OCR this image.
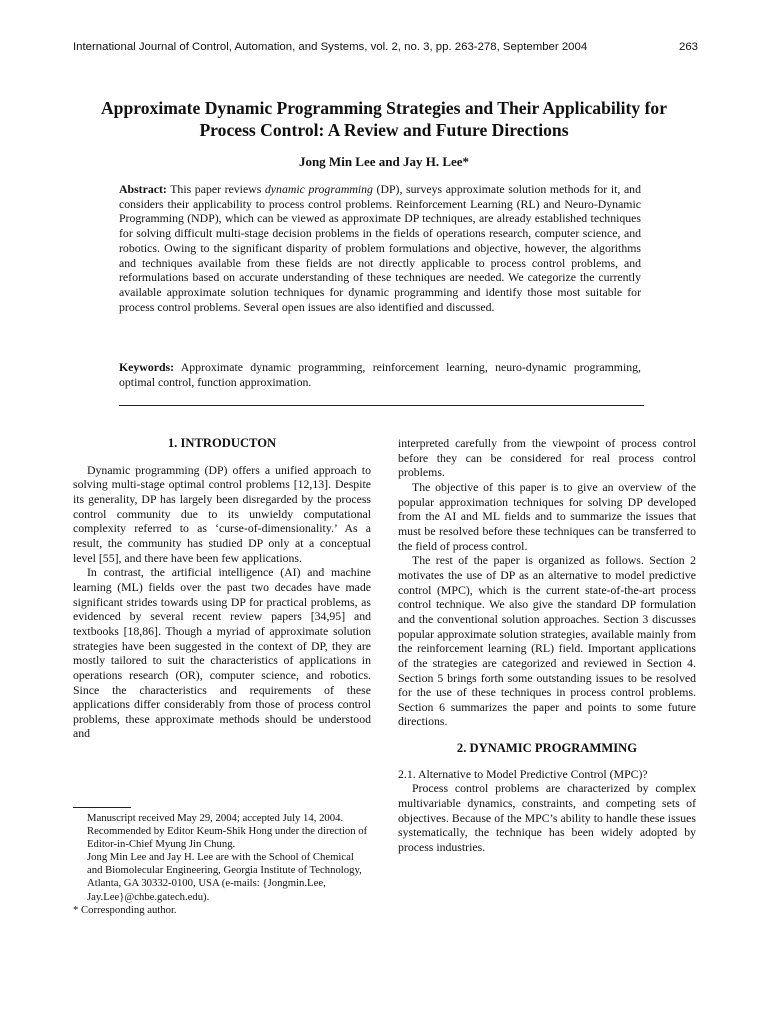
International Journal of Control, Automation, and Systems, vol. 2, no. 3, pp. 263-278, September 2004	263
Approximate Dynamic Programming Strategies and Their Applicability for
Process Control: A Review and Future Directions
Jong Min Lee and Jay H. Lee*
Abstract: This paper reviews dynamic programming (DP), surveys approximate solution methods for it, and considers their applicability to process control problems. Reinforcement Learning (RL) and Neuro-Dynamic Programming (NDP), which can be viewed as approximate DP techniques, are already established techniques for solving difficult multi-stage decision problems in the fields of operations research, computer science, and robotics. Owing to the significant disparity of problem formulations and objective, however, the algorithms and techniques available from these fields are not directly applicable to process control problems, and reformulations based on accurate understanding of these techniques are needed. We categorize the currently available approximate solution techniques for dynamic programming and identify those most suitable for process control problems. Several open issues are also identified and discussed.
Keywords: Approximate dynamic programming, reinforcement learning, neuro-dynamic programming, optimal control, function approximation.
1. INTRODUCTON

Dynamic programming (DP) offers a unified approach to solving multi-stage optimal control problems [12,13]. Despite its generality, DP has largely been disregarded by the process control community due to its unwieldy computational complexity referred to as ‘curse-of-dimensionality.’ As a result, the community has studied DP only at a conceptual level [55], and there have been few applications.

In contrast, the artificial intelligence (AI) and machine learning (ML) fields over the past two decades have made significant strides towards using DP for practical problems, as evidenced by several recent review papers [34,95] and textbooks [18,86]. Though a myriad of approximate solution strategies have been suggested in the context of DP, they are mostly tailored to suit the characteristics of applications in operations research (OR), computer science, and robotics. Since the characteristics and requirements of these applications differ considerably from those of process control problems, these approximate methods should be understood and

interpreted carefully from the viewpoint of process control before they can be considered for real process control problems.

The objective of this paper is to give an overview of the popular approximation techniques for solving DP developed from the AI and ML fields and to summarize the issues that must be resolved before these techniques can be transferred to the field of process control.

The rest of the paper is organized as follows. Section 2 motivates the use of DP as an alternative to model predictive control (MPC), which is the current state-of-the-art process control technique. We also give the standard DP formulation and the conventional solution approaches. Section 3 discusses popular approximate solution strategies, available mainly from the reinforcement learning (RL) field. Important applications of the strategies are categorized and reviewed in Section 4. Section 5 brings forth some outstanding issues to be resolved for the use of these techniques in process control problems. Section 6 summarizes the paper and points to some future directions.

2. DYNAMIC PROGRAMMING

2.1. Alternative to Model Predictive Control (MPC)?

Process control problems are characterized by complex multivariable dynamics, constraints, and competing sets of objectives. Because of the MPC’s ability to handle these issues systematically, the technique has been widely adopted by process industries.

Manuscript received May 29, 2004; accepted July 14, 2004. Recommended by Editor Keum-Shik Hong under the direction of Editor-in-Chief Myung Jin Chung.
Jong Min Lee and Jay H. Lee are with the School of Chemical and Biomolecular Engineering, Georgia Institute of Technology, Atlanta, GA 30332-0100, USA (e-mails: {Jongmin.Lee, Jay.Lee}@chbe.gatech.edu).
* Corresponding author.
